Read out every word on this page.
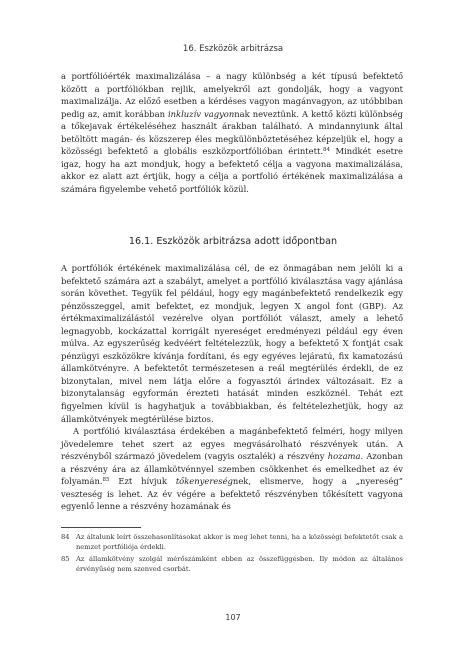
16. Eszközök arbitrázsa

a portfólióérték maximalizálása – a nagy különbség a két típusú befektető között a portfóliókban rejlik, amelyekről azt gondolják, hogy a vagyont maximalizálja. Az előző esetben a kérdéses vagyon magánvagyon, az utóbbiban pedig az, amit korábban inkluzív vagyonnak neveztünk. A kettő közti különbség a tőkejavak értékeléséhez használt árakban található. A mindannyiunk által betöltött magán- és közszerep éles megkülönböztetéséhez képzeljük el, hogy a közösségi befektető a globális eszközportfólióban érintett.$^{84}$ Mindkét esetre igaz, hogy ha azt mondjuk, hogy a befektető célja a vagyona maximalizálása, akkor ez alatt azt értjük, hogy a célja a portfolió értékének maximalizálása a számára figyelembe vehető portfóliók közül.

16.1. Eszközök arbitrázsa adott időpontban

A portfóliók értékének maximalizálása cél, de ez önmagában nem jelöli ki a befektető számára azt a szabályt, amelyet a portfólió kiválasztása vagy ajánlása során követhet. Tegyük fel például, hogy egy magánbefektető rendelkezik egy pénzösszeggel, amit befektet, ez mondjuk, legyen X angol font (GBP). Az értékmaximalizálástól vezérelve olyan portfóliót választ, amely a lehető legnagyobb, kockázattal korrigált nyereséget eredményezi például egy éven múlva. Az egyszerűség kedvéért feltételezzük, hogy a befektető X fontját csak pénzügyi eszközökre kívánja fordítani, és egy egyéves lejáratú, fix kamatozású államkötvényre. A befektetőt természetesen a reál megtérülés érdekli, de ez bizonytalan, mivel nem látja előre a fogyasztói árindex változásait. Ez a bizonytalanság egyformán érezteti hatását minden eszköznél. Tehát ezt figyelmen kívül is hagyhatjuk a továbbiakban, és feltételezhetjük, hogy az államkötvények megtérülése biztos.

A portfólió kiválasztása érdekében a magánbefektető felméri, hogy milyen jövedelemre tehet szert az egyes megvásárolható részvények után. A részvényből származó jövedelem (vagyis osztalék) a részvény hozama. Azonban a részvény ára az államkötvénnyel szemben csökkenhet és emelkedhet az év folyamán.$^{85}$ Ezt hívjuk tőkenyereségnek, elismerve, hogy a „nyereség” veszteség is lehet. Az év végére a befektető részvényben tőkésített vagyona egyenlő lenne a részvény hozamának és

84 Az általunk leírt összehasonlításokat akkor is meg lehet tenni, ha a közösségi befektetőt csak a nemzet portfóliója érdekli.
85 Az államkötvény szolgál mérőszámként ebben az összefüggésben. Ily módon az általános érvényűség nem szenved csorbát.
107
